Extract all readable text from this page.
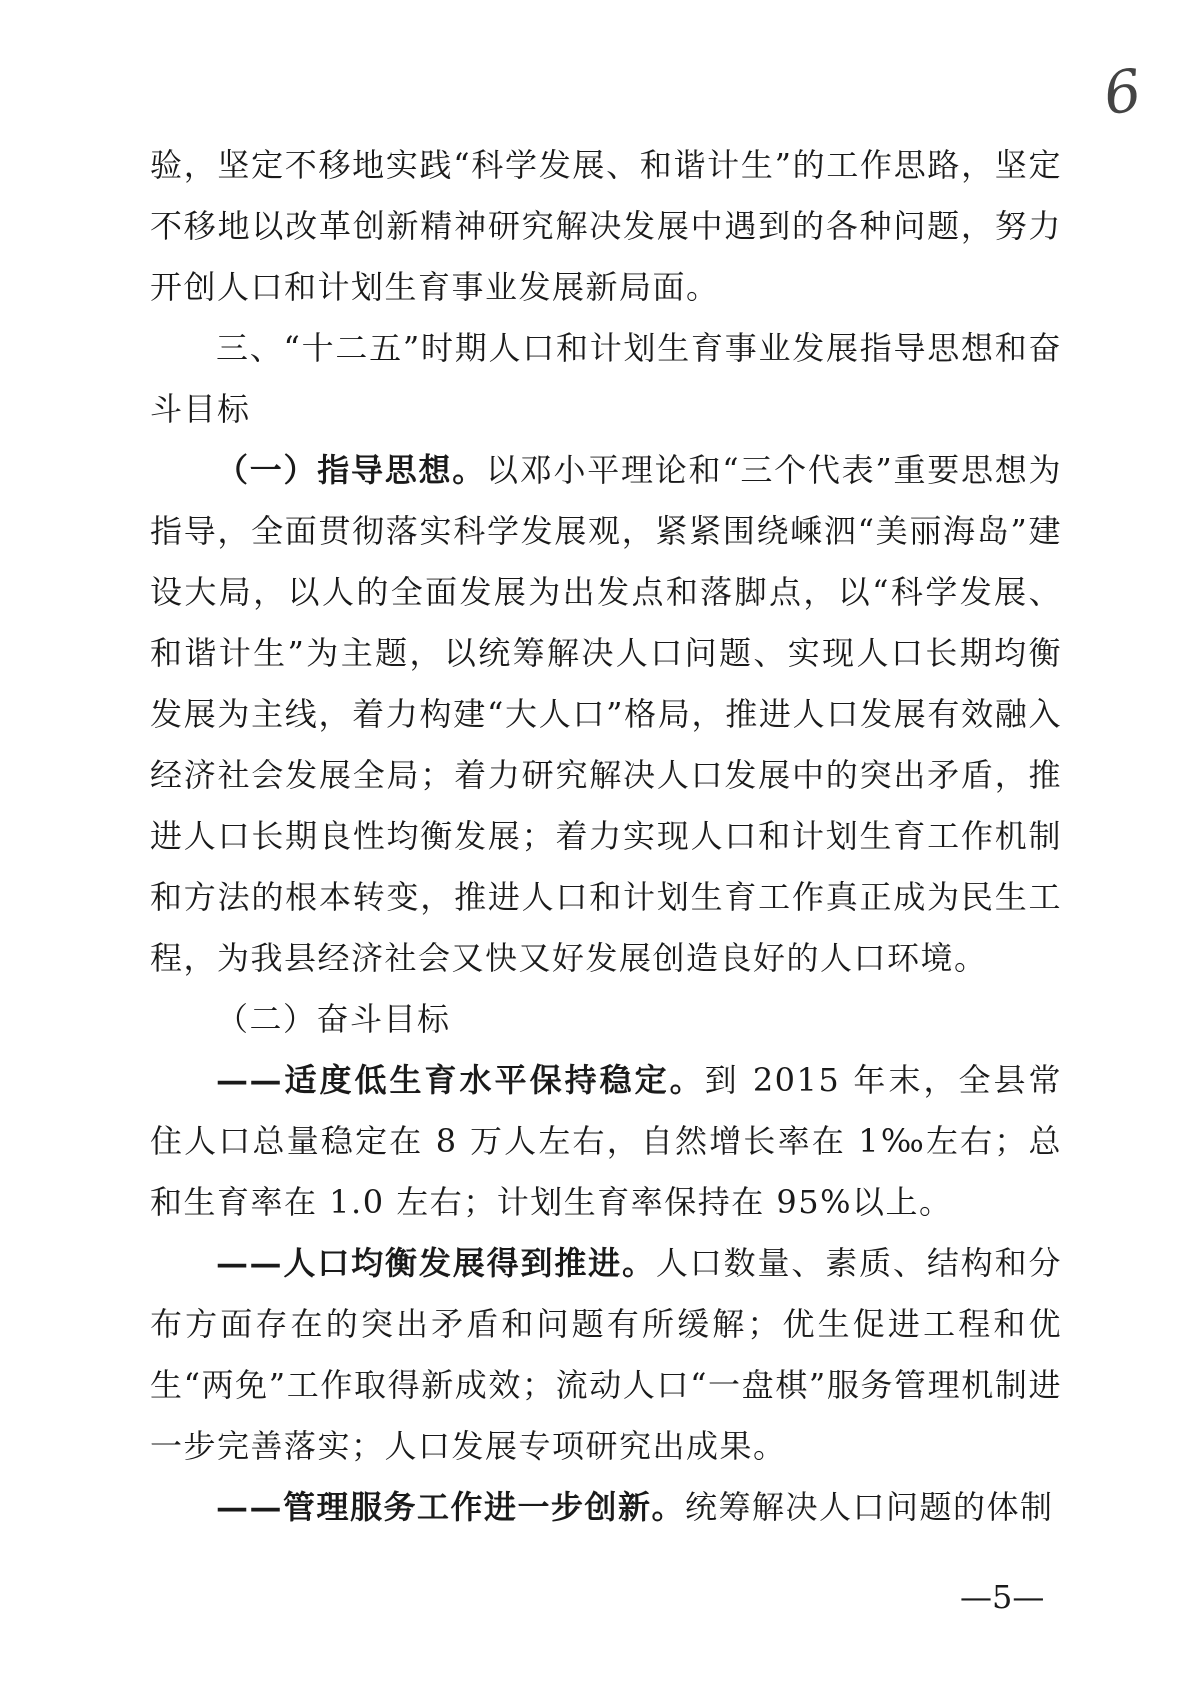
6

验，坚定不移地实践“科学发展、和谐计生”的工作思路，坚定不移地以改革创新精神研究解决发展中遇到的各种问题，努力开创人口和计划生育事业发展新局面。

三、“十二五”时期人口和计划生育事业发展指导思想和奋斗目标

（一）指导思想。以邓小平理论和“三个代表”重要思想为指导，全面贯彻落实科学发展观，紧紧围绕嵊泗“美丽海岛”建设大局，以人的全面发展为出发点和落脚点，以“科学发展、和谐计生”为主题，以统筹解决人口问题、实现人口长期均衡发展为主线，着力构建“大人口”格局，推进人口发展有效融入经济社会发展全局；着力研究解决人口发展中的突出矛盾，推进人口长期良性均衡发展；着力实现人口和计划生育工作机制和方法的根本转变，推进人口和计划生育工作真正成为民生工程，为我县经济社会又快又好发展创造良好的人口环境。

（二）奋斗目标

——适度低生育水平保持稳定。到 2015 年末，全县常住人口总量稳定在 8 万人左右，自然增长率在 1‰左右；总和生育率在 1.0 左右；计划生育率保持在 95%以上。

——人口均衡发展得到推进。人口数量、素质、结构和分布方面存在的突出矛盾和问题有所缓解；优生促进工程和优生“两免”工作取得新成效；流动人口“一盘棋”服务管理机制进一步完善落实；人口发展专项研究出成果。

——管理服务工作进一步创新。统筹解决人口问题的体制

—5—
